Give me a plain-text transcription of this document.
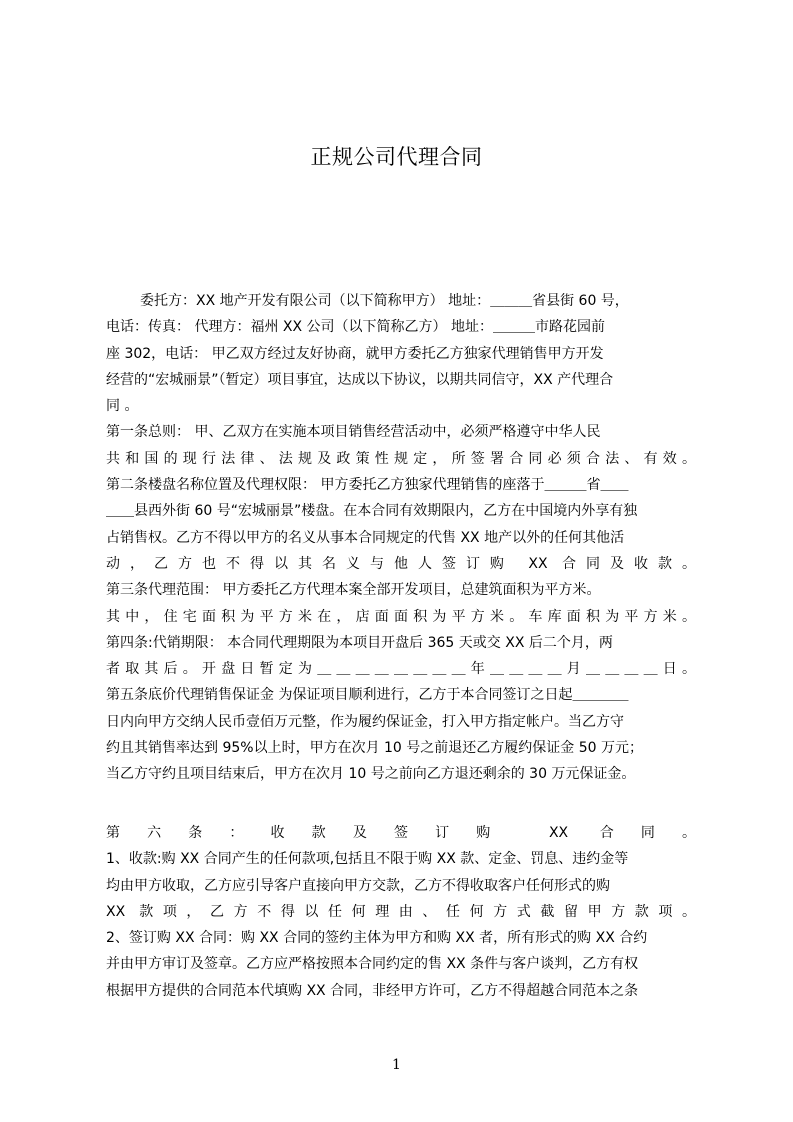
正规公司代理合同
委托方：XX 地产开发有限公司（以下简称甲方） 地址：＿＿＿省县街 60 号，
电话：传真： 代理方：福州 XX 公司（以下简称乙方） 地址：＿＿＿市路花园前
座 302，电话： 甲乙双方经过友好协商，就甲方委托乙方独家代理销售甲方开发
经营的“宏城丽景”（暂定）项目事宜，达成以下协议，以期共同信守，XX 产代理合
同 。
第一条总则： 甲、乙双方在实施本项目销售经营活动中，必须严格遵守中华人民
共和国的现行法律、法规及政策性规定，所签署合同必须合法、有效。
第二条楼盘名称位置及代理权限： 甲方委托乙方独家代理销售的座落于＿＿＿省＿＿
＿＿县西外街 60 号“宏城丽景”楼盘。在本合同有效期限内，乙方在中国境内外享有独
占销售权。乙方不得以甲方的名义从事本合同规定的代售 XX 地产以外的任何其他活
动，乙方也不得以其名义与他人签订购 XX 合同及收款。
第三条代理范围： 甲方委托乙方代理本案全部开发项目，总建筑面积为平方米。
其中，住宅面积为平方米在，店面面积为平方米。车库面积为平方米。
第四条:代销期限： 本合同代理期限为本项目开盘后 365 天或交 XX 后二个月，两
者取其后。开盘日暂定为＿＿＿＿＿＿＿＿年＿＿＿＿月＿＿＿＿日。
第五条底价代理销售保证金 为保证项目顺利进行，乙方于本合同签订之日起＿＿＿＿
日内向甲方交纳人民币壹佰万元整，作为履约保证金，打入甲方指定帐户。当乙方守
约且其销售率达到 95%以上时，甲方在次月 10 号之前退还乙方履约保证金 50 万元；
当乙方守约且项目结束后，甲方在次月 10 号之前向乙方退还剩余的 30 万元保证金。
第六条：收款及签订购 XX 合同。
1、收款:购 XX 合同产生的任何款项,包括且不限于购 XX 款、定金、罚息、违约金等
均由甲方收取，乙方应引导客户直接向甲方交款，乙方不得收取客户任何形式的购
XX 款项，乙方不得以任何理由、任何方式截留甲方款项。
2、签订购 XX 合同：购 XX 合同的签约主体为甲方和购 XX 者，所有形式的购 XX 合约
并由甲方审订及签章。乙方应严格按照本合同约定的售 XX 条件与客户谈判，乙方有权
根据甲方提供的合同范本代填购 XX 合同，非经甲方许可，乙方不得超越合同范本之条
1
